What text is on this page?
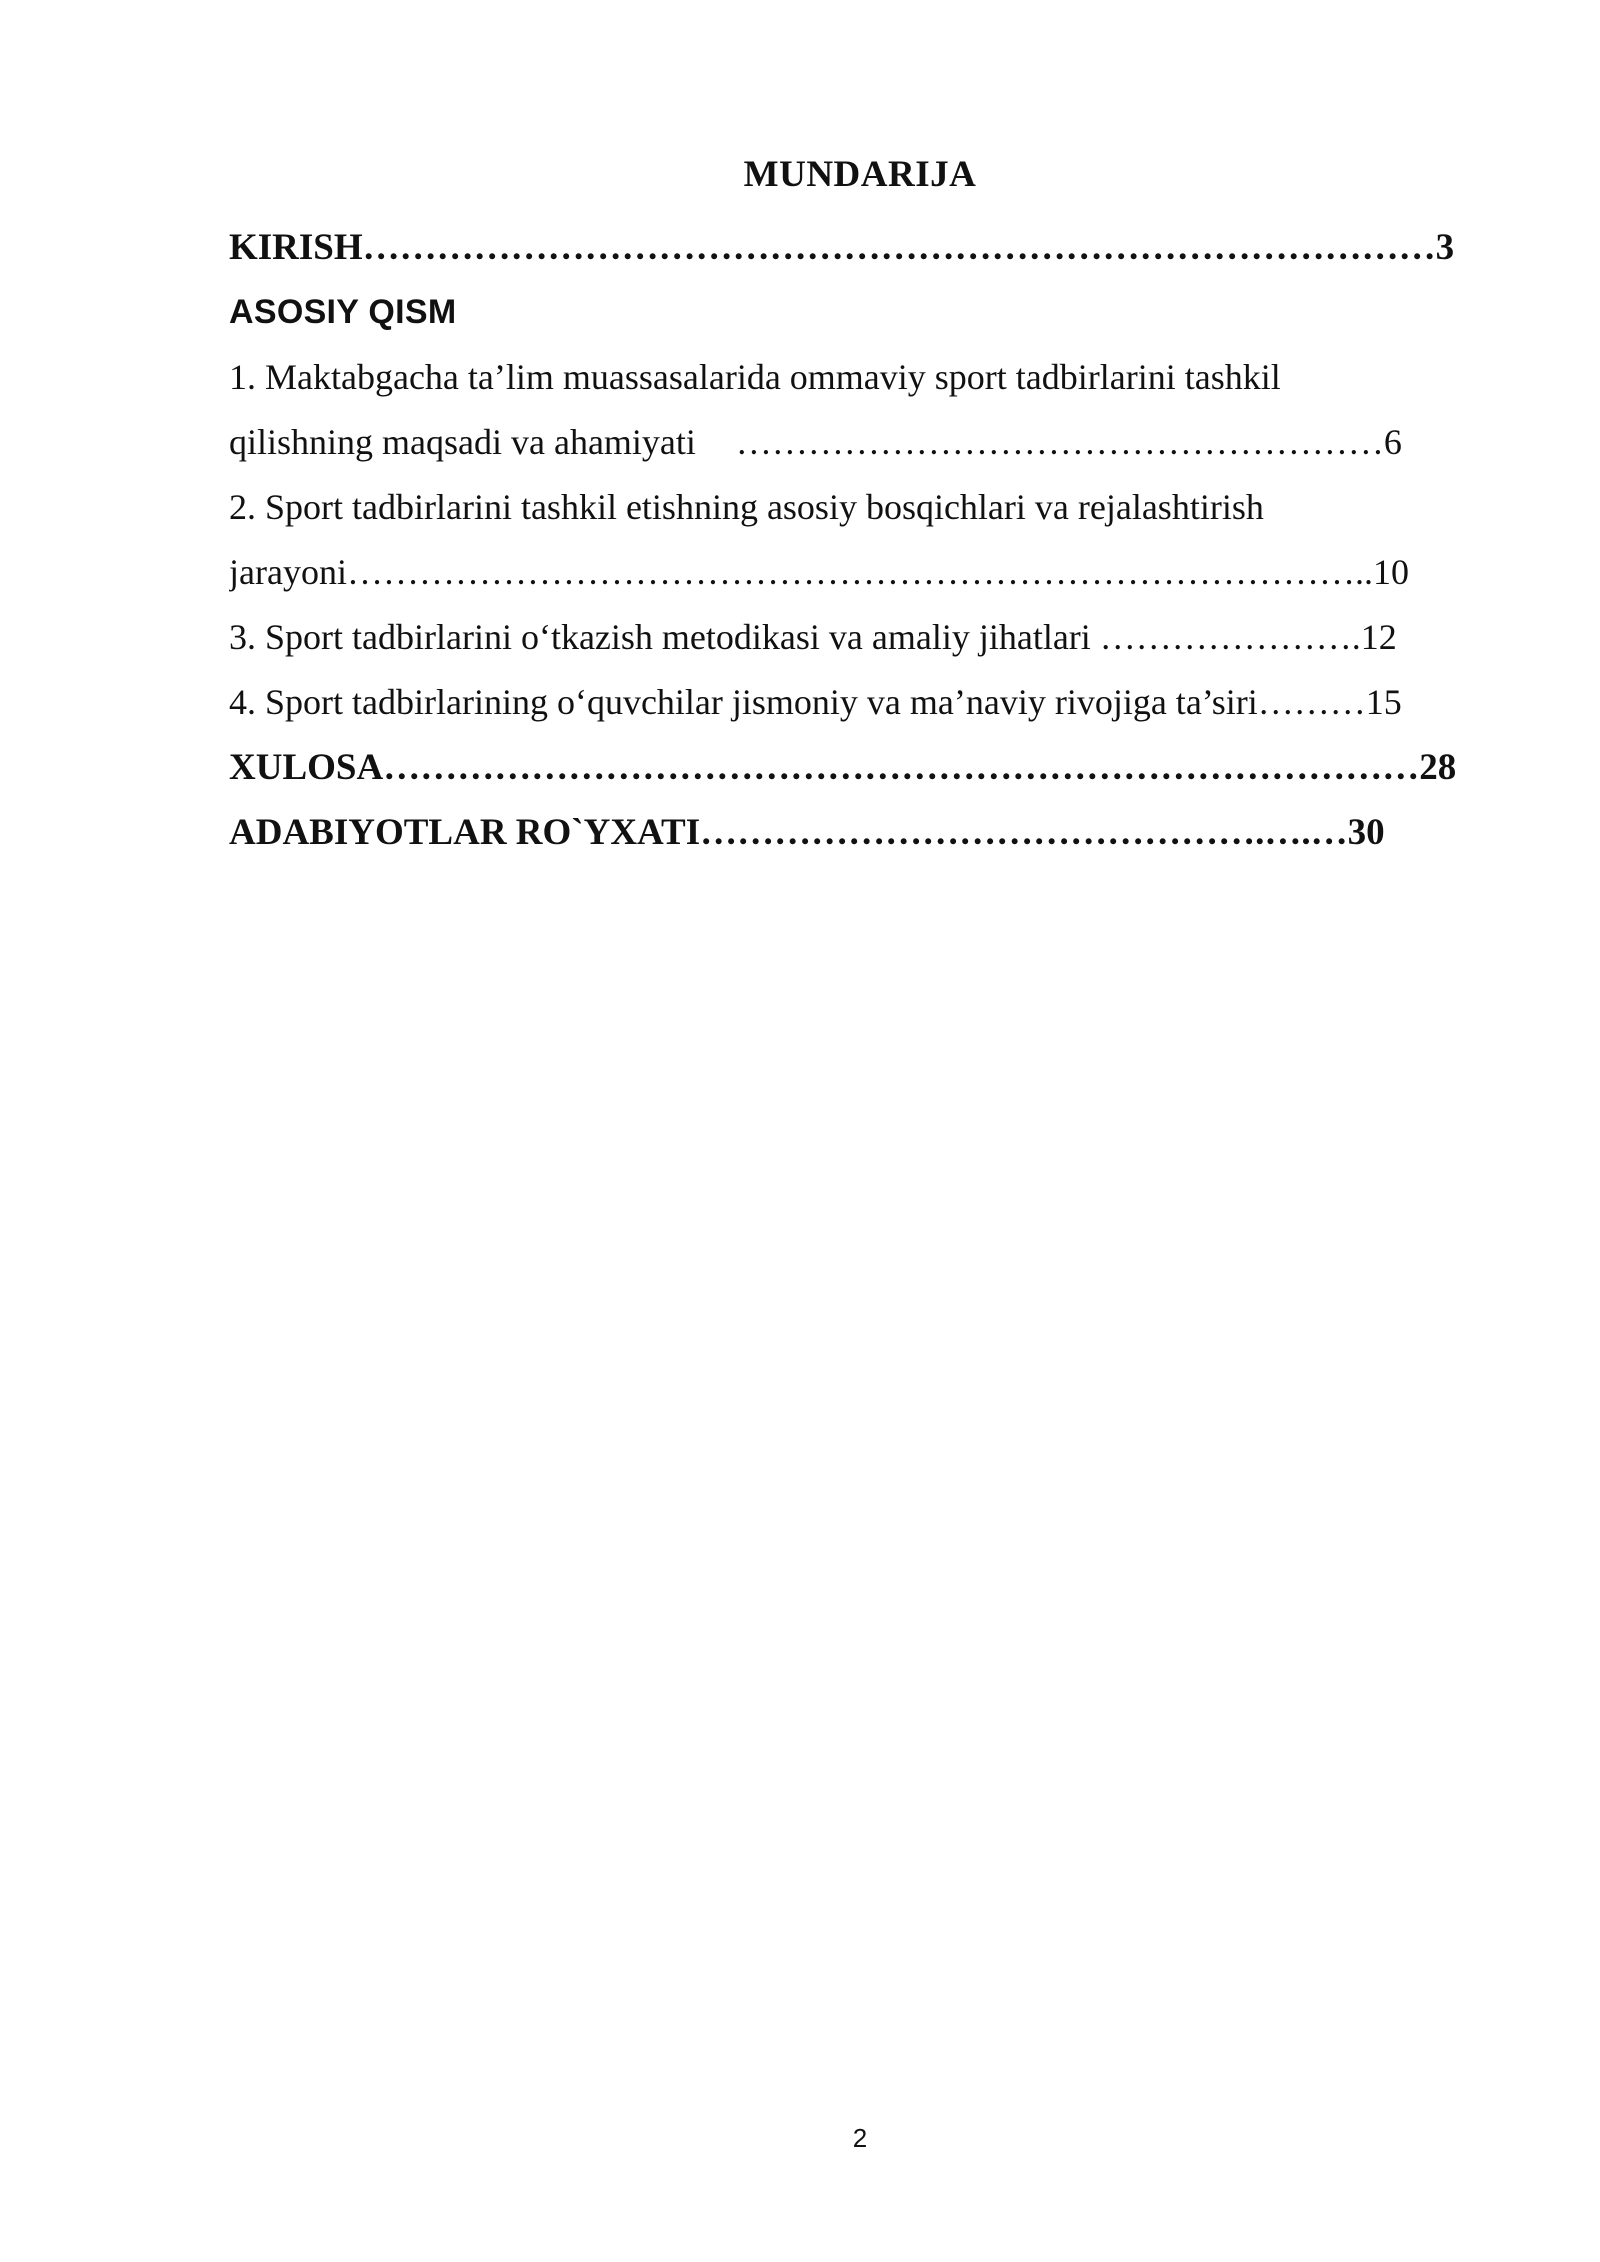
MUNDARIJA
KIRISH……………………………………………………………………………3
ASOSIY QISM
1. Maktabgacha ta’lim muassasalarida ommaviy sport tadbirlarini tashkil
qilishning maqsadi va ahamiyati ………………………………………………6
2. Sport tadbirlarini tashkil etishning asosiy bosqichlari va rejalashtirish
jarayoni…………………………………………………………………………..10
3. Sport tadbirlarini o‘tkazish metodikasi va amaliy jihatlari ………………….12
4. Sport tadbirlarining o‘quvchilar jismoniy va ma’naviy rivojiga ta’siri………15
XULOSA…………………………………………………………………………28
ADABIYOTLAR RO`YXATI……………………………………….….…30
2
